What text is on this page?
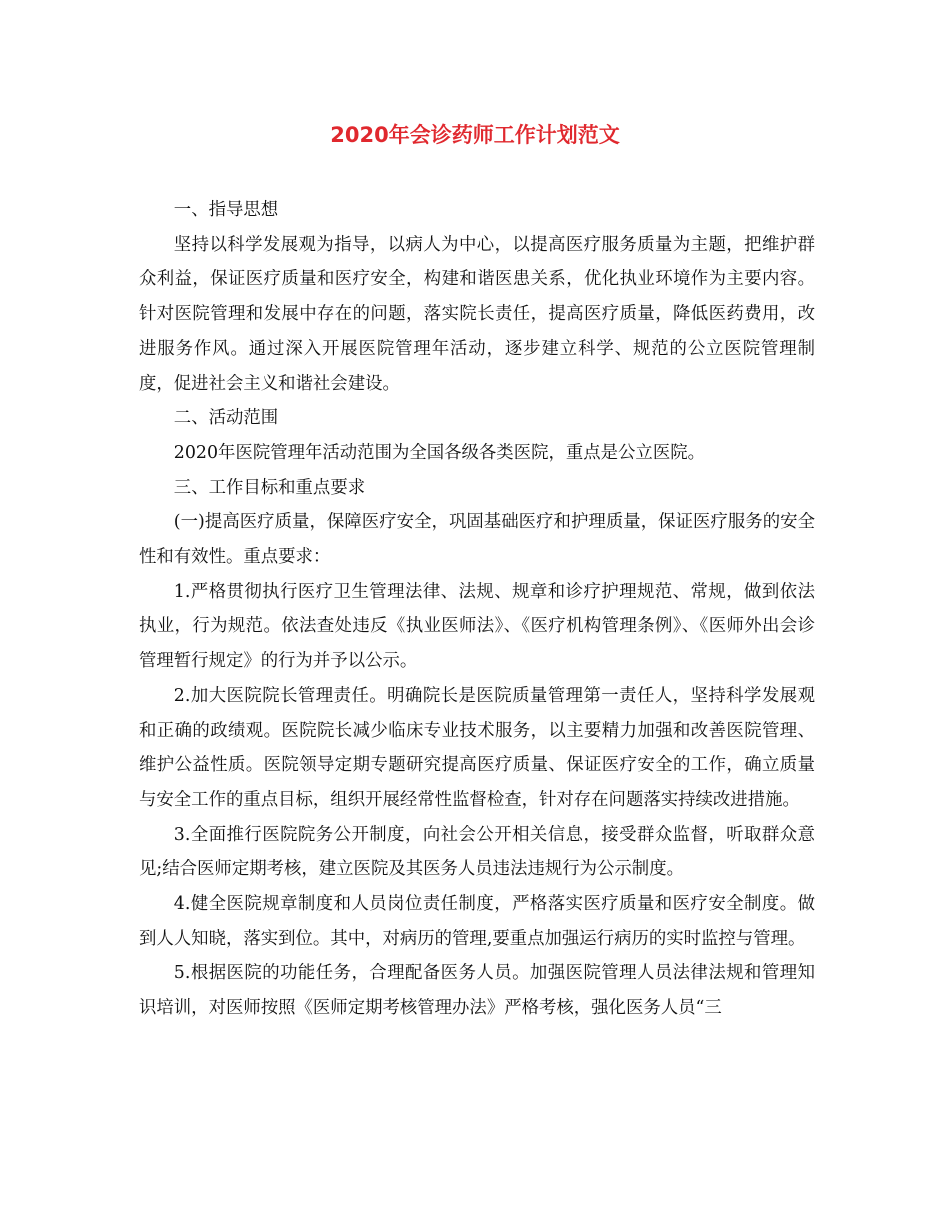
2020年会诊药师工作计划范文

一、指导思想

坚持以科学发展观为指导，以病人为中心，以提高医疗服务质量为主题，把维护群众利益，保证医疗质量和医疗安全，构建和谐医患关系，优化执业环境作为主要内容。针对医院管理和发展中存在的问题，落实院长责任，提高医疗质量，降低医药费用，改进服务作风。通过深入开展医院管理年活动，逐步建立科学、规范的公立医院管理制度，促进社会主义和谐社会建设。

二、活动范围

2020年医院管理年活动范围为全国各级各类医院，重点是公立医院。

三、工作目标和重点要求

(一)提高医疗质量，保障医疗安全，巩固基础医疗和护理质量，保证医疗服务的安全性和有效性。重点要求：

1.严格贯彻执行医疗卫生管理法律、法规、规章和诊疗护理规范、常规，做到依法执业，行为规范。依法查处违反《执业医师法》、《医疗机构管理条例》、《医师外出会诊管理暂行规定》的行为并予以公示。

2.加大医院院长管理责任。明确院长是医院质量管理第一责任人，坚持科学发展观和正确的政绩观。医院院长减少临床专业技术服务，以主要精力加强和改善医院管理、维护公益性质。医院领导定期专题研究提高医疗质量、保证医疗安全的工作，确立质量与安全工作的重点目标，组织开展经常性监督检查，针对存在问题落实持续改进措施。

3.全面推行医院院务公开制度，向社会公开相关信息，接受群众监督，听取群众意见;结合医师定期考核，建立医院及其医务人员违法违规行为公示制度。

4.健全医院规章制度和人员岗位责任制度，严格落实医疗质量和医疗安全制度。做到人人知晓，落实到位。其中，对病历的管理,要重点加强运行病历的实时监控与管理。

5.根据医院的功能任务，合理配备医务人员。加强医院管理人员法律法规和管理知识培训，对医师按照《医师定期考核管理办法》严格考核，强化医务人员“三
